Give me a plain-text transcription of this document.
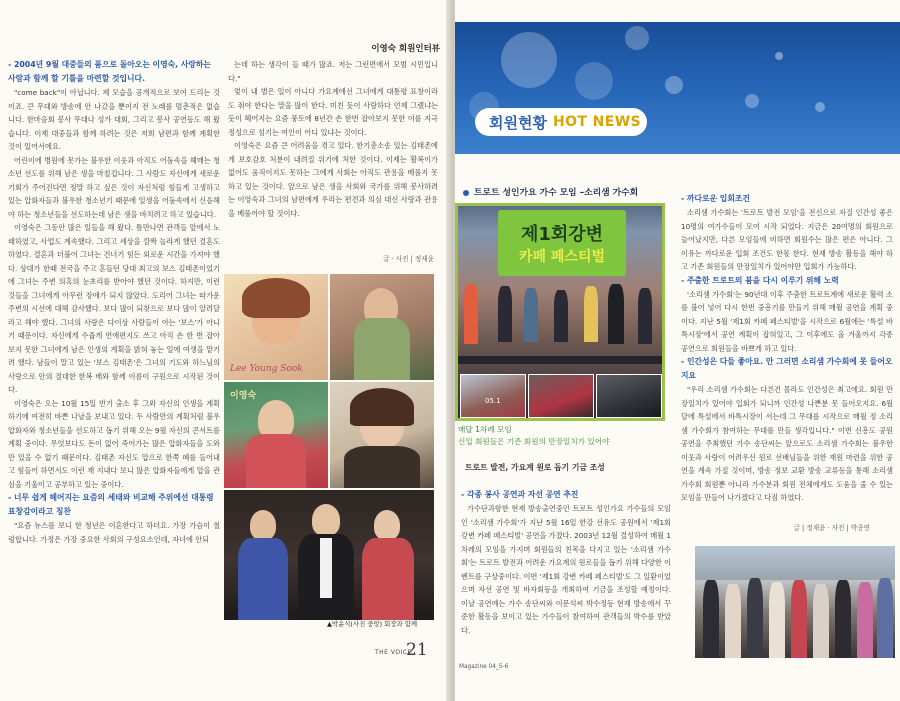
이영숙 회원인터뷰
- 2004년 9월 대중들의 품으로 돌아오는 이영숙, 사랑하는 사람과 함께 할 기틀을 마련할 것입니다.
"come back"이 아닙니다. 제 모습을 공개적으로 보여 드리는 것이죠. 큰 무대와 방송에 안 나갔을 뿐이지 전 노래를 멈춘적은 없습니다. 한마음회 봉사 무대나 성가 대회, 그리고 봉사 공연등도 해 왔습니다. 이제 대중들과 함께 하려는 것은 저희 남편과 함께 계획한 것이 있어서에요.
어린이에 병원에 못가는 불우한 이웃과 아직도 어둠속을 헤매는 청소년 선도를 위해 남은 생을 마칠겁니다. 그 사람도 자신에게 새로운 기회가 주어진다면 정말 하고 싶은 것이 자신처럼 힘들게 고생하고 있는 압화자들과 불우한 청소년기 때문에 일생을 어둠속에서 신음해야 하는 청소년들을 선도하는데 남은 생을 바치려고 하고 있습니다.
이영숙은 그동안 많은 일들을 해 왔다. 틈만나면 관객들 앞에서 노래하였고, 사업도 계속했다. 그리고 세상을 깜짝 놀라게 했던 결혼도 하였다. 결혼과 더불어 그녀는 건너기 힘든 외로운 시간을 가져야 했다. 상대가 한때 전국을 주고 흔들던 당대 최고의 보스 김태촌이었기에 그녀는 주변 의혹의 눈초리를 받아야 했던 것이다. 하지만, 이런 것들을 그녀에게 아무런 장애가 되지 않았다. 도리어 그녀는 따가운 주변의 시선에 대해 감사했다. 보다 많이 되찾으로 보다 많이 알려달라고 해야 했다. 그녀의 사랑은 다이상 사람들이 아는 '보스'가 아니기 때문이다. 자신에게 수줍게 연애편지도 쓰고 아직 손 한 번 잡아 보지 못한 그녀에게 남은 인생의 계획을 밝혀 놓는 일에 여생을 맡기려 했다. 남들이 말고 있는 '보스 김태촌'은 그녀의 기도와 하느님의 사랑으로 안의 절대한 한복 배와 함께 이름이 구원으로 시작된 것이다.
이영숙은 오는 10월 15일 반기 출소 후 그와 자신의 인생을 계획하기에 여전히 바쁜 나날을 보내고 있다. 두 사람만의 계획처럼 불우 압화자와 청소년들을 선도하고 돕기 위해 오는 9월 자신의 콘서트를 계획 중이다. 무엇보다도 돈이 없어 죽어가는 많은 압화자들을 도와만 있을 수 없기 때문이다. 김태촌 자신도 압으로 한쪽 폐를 들어내고 힘들어 하면서도 이런 재 지내다 보니 많은 압화자들에게 압을 관심을 기울이고 공부하고 있는 중이다.
- 너무 쉽게 헤어지는 요즘의 세태와 비교해 주위에선 대통령 표창감이라고 칭찬
"요즘 뉴스를 보니 한 청년은 이혼한다고 하더요. 가장 가슴이 철렁합니다. 가정은 가장 중요한 사회의 구성요소인데, 자녀에 안되
는데 하는 생각이 들 때가 많죠. 저는 그런면에서 모범 시민입니다."
엊이 내 별은 일이 아니다 가요계에선 그녀에게 대통령 표창이라도 줘야 한다는 말을 많이 한다. 미친 듯이 사랑하다 언제 그랬냐는듯이 헤어지는 요즘 풍토에 8년간 손 한번 잡아보지 못한 이를 지극 정성으로 섬기는 여인이 어디 있냐는 것이다.
이영숙은 요즘 큰 어려움을 겪고 있다. 한기총소송 있는 김태촌에게 보호감호 처분이 내려질 위기에 처한 것이다. 이제는 활복이가 없어도 움직이지도 못하는 그에게 사회는 아직도 관용을 베풀지 못하고 있는 것이다. 앞으로 남은 생을 사회와 국가를 위해 봉사하려는 이영숙과 그녀의 남편에게 우리는 편견과 의심 대신 사랑과 관용을 베풀어야 할 것이다.
글 · 사진 | 정재윤
Lee Young Sook
이영숙
▲박윤식(사진 중앙) 회장과 함께
THE VOICE
21
회원현황 HOT NEWS
트로트 성인가요 가수 모임 –소리샘 가수회
제1회강변
카페 페스티벌
05.1
매달 1차례 모임
신입 회원들은 기존 회원의 만장일치가 있어야
트로트 발전, 가요계 원로 돕기 기금 조성
- 각종 봉사 공연과 자선 공연 추진
가수단과함한 현재 방송출연중인 트로트 성인가요 가수들의 모임인 '소리샘 가수회'가 지난 5월 16일 한강 선유도 공원에서 '제1회 강변 카페 페스티벌' 공연을 가졌다. 2003년 12월 결성하여 매월 1차례의 모임을 가지며 회원들의 친목을 다지고 있는 '소리샘 가수회'는 트로트 발전과 어려운 가요계의 원로들을 돕기 위해 다양한 이벤트를 구상중이다. 이번 '제1회 강변 카페 페스티벌'도 그 일환이었으며 자선 공연 및 바자회등을 개최하여 기금을 조성할 예정이다. 이날 공연에는 가수 송단씨와 이문석씨 박수정등 현재 방송에서 꾸준한 활동을 보이고 있는 가수들이 참여하여 관객들의 박수를 받았다.
- 까다로운 입회조건
소리샘 가수회는 '트로트 발전 모임'을 전신으로 자질 인간성 좋은 10명의 여가수들이 모여 시작 되었다. 지금은 20여명의 회원으로 늘어났지만, 다른 모임들에 비하면 회원수는 많은 편은 아니다. 그 이유는 까다로운 입회 조건도 한몫 한다. 현재 방송 활동을 해야 하고 기존 회원들의 만장일치가 있어야만 입회가 가능하다.
- 주춤한 트로트의 붐을 다시 이루기 위해 노력
'소리샘 가수회'는 90년대 이후 주춤한 트로트계에 새로운 활력 소를 불어 넣어 다시 한번 중흥기를 만들기 위해 매월 공연을 계획 중이다. 지난 5월 '제1회 카페 페스티벌'을 시작으로 6월에는 '특설 바특시장'에서 공연 계획이 잡혀있고, 그 이후에도 올 겨울까지 각종 공연으로 회원들을 바쁘게 하고 있다.
- 인간성은 다들 좋아요. 안 그러면 소리샘 가수회에 못 들어오지요
"우리 소리샘 가수회는 다른건 몰라도 인간성은 최고에요. 회원 만장일치가 있어야 입회가 되니까 인간성 나쁜분 못 들어오지요. 6월 달에 특설에서 바특시장이 서는데 그 무대를 시작으로 매월 정 소리샘 가수회가 참여하는 무대를 만들 생각입니다." 이번 신흥도 공원 공연을 주최했던 가수 송단씨는 앞으로도 소리샘 가수회는 불우한 이웃과 사랑이 어려우신 원로 선배님들을 위한 재원 마련을 위한 공연을 계속 가질 것이며, 방송 정보 교환 방송 교류등을 통해 소리샘 가수회 회원뿐 아니라 가수분과 회원 전체에게도 도움을 줄 수 있는 모임을 만들어 나가겠다고 다짐 하였다.
글 | 정재윤 · 사진 | 박종연
Magazine 04_5-6
